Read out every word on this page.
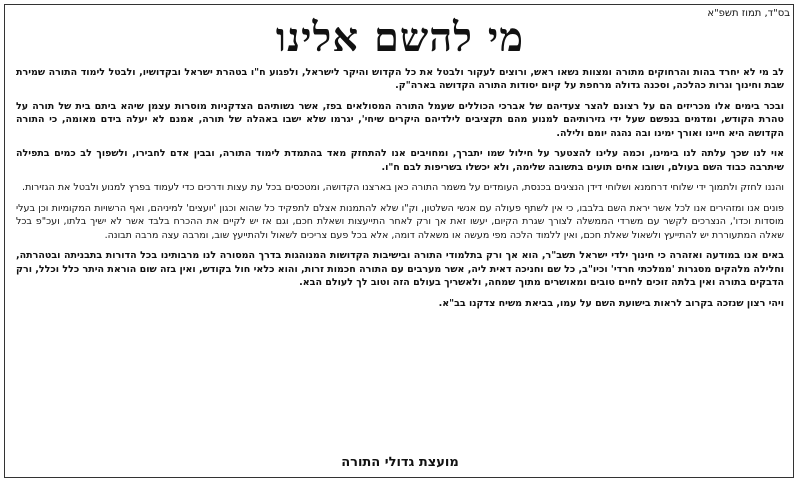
בס"ד, תמוז תשפ"א
מי להשם אלינו

לב מי לא יחרד בהות והרחוקים מתורה ומצוות נשאו ראש, ורוצים לעקור ולבטל את כל הקדוש והיקר לישראל, ולפגוע ח"ו בטהרת ישראל ובקדושיו, ולבטל לימוד התורה שמירת שבת וחינוך וגרות כהלכה, וסכנה גדולה מרחפת על קיום יסודות התורה הקדושה בארה"ק.

ובכר בימים אלו מכריזים הם על רצונם להצר צעדיהם של אברכי הכוללים שעמל התורה המסולאים בפז, אשר נשותיהם הצדקניות מוסרות עצמן שיהא ביתם בית של תורה על טהרת הקודש, ומדמים בנפשם שעל ידי גזירותיהם למנוע מהם תקציבים לילדיהם היקרים שיחי', יגרמו שלא ישבו באהלה של תורה, אמנם לא יעלה בידם מאומה, כי התורה הקדושה היא חיינו ואורך ימינו ובה נהגה יומם ולילה.

אוי לנו שכך עלתה לנו בימינו, וכמה עלינו להצטער על חילול שמו יתברך, ומחויבים אנו להתחזק מאד בהתמדת לימוד התורה, ובבין אדם לחבירו, ולשפוך לב כמים בתפילה שיתרבה כבוד השם בעולם, ושובו אחים תועים בתשובה שלימה, ולא יכשלו בשריפות לבם ח"ו.

והננו לחזק ולתמוך ידי שלוחי דרחמנא ושלוחי דידן הנציגים בכנסת, העומדים על משמר התורה כאן בארצנו הקדושה, ומטכסים בכל עת עצות ודרכים כדי לעמוד בפרץ למנוע ולבטל את הגזירות.

פונים אנו ומזהירים אנו לכל אשר יראת השם בלבבו, כי אין לשתף פעולה עם אנשי השלטון, וק"ו שלא להתמנות אצלם לתפקיד כל שהוא וכגון 'יועצים' למיניהם, ואף הרשויות המקומיות וכן בעלי מוסדות וכדו', הנצרכים לקשר עם משרדי הממשלה לצורך שגרת הקיום, יעשו זאת אך ורק לאחר התייעצות ושאלת חכם, וגם אז יש לקיים את ההכרח בלבד אשר לא ישיך בלתו, ועכ"פ בכל שאלה המתעוררת יש להתייעץ ולשאול שאלת חכם, ואין ללמוד הלכה מפי מעשה או משאלה דומה, אלא בכל פעם צריכים לשאול ולהתייעץ שוב, ומרבה עצה מרבה תבונה.

באים אנו במודעה ואזהרה כי חינוך ילדי ישראל תשב"ר, הוא אך ורק בתלמודי התורה ובישיבות הקדושות המנוהגות בדרך המסורה לנו מרבותינו בכל הדורות בתבניתה ובטהרתה, וחלילה מלהקים מסגרות 'ממלכתי חרדי' וכיו"ב, כל שם וחניכה דאית ליה, אשר מערבים עם התורה חכמות זרות, והוא כלאי חול בקודש, ואין בזה שום הוראת היתר כלל וכלל, ורק הדבקים בתורה ואין בלתה זוכים לחיים טובים ומאושרים מתוך שמחה, ולאשריך בעולם הזה וטוב לך לעולם הבא.

ויהי רצון שנזכה בקרוב לראות בישועת השם על עמו, בביאת משיח צדקנו בב"א.

מועצת גדולי התורה
